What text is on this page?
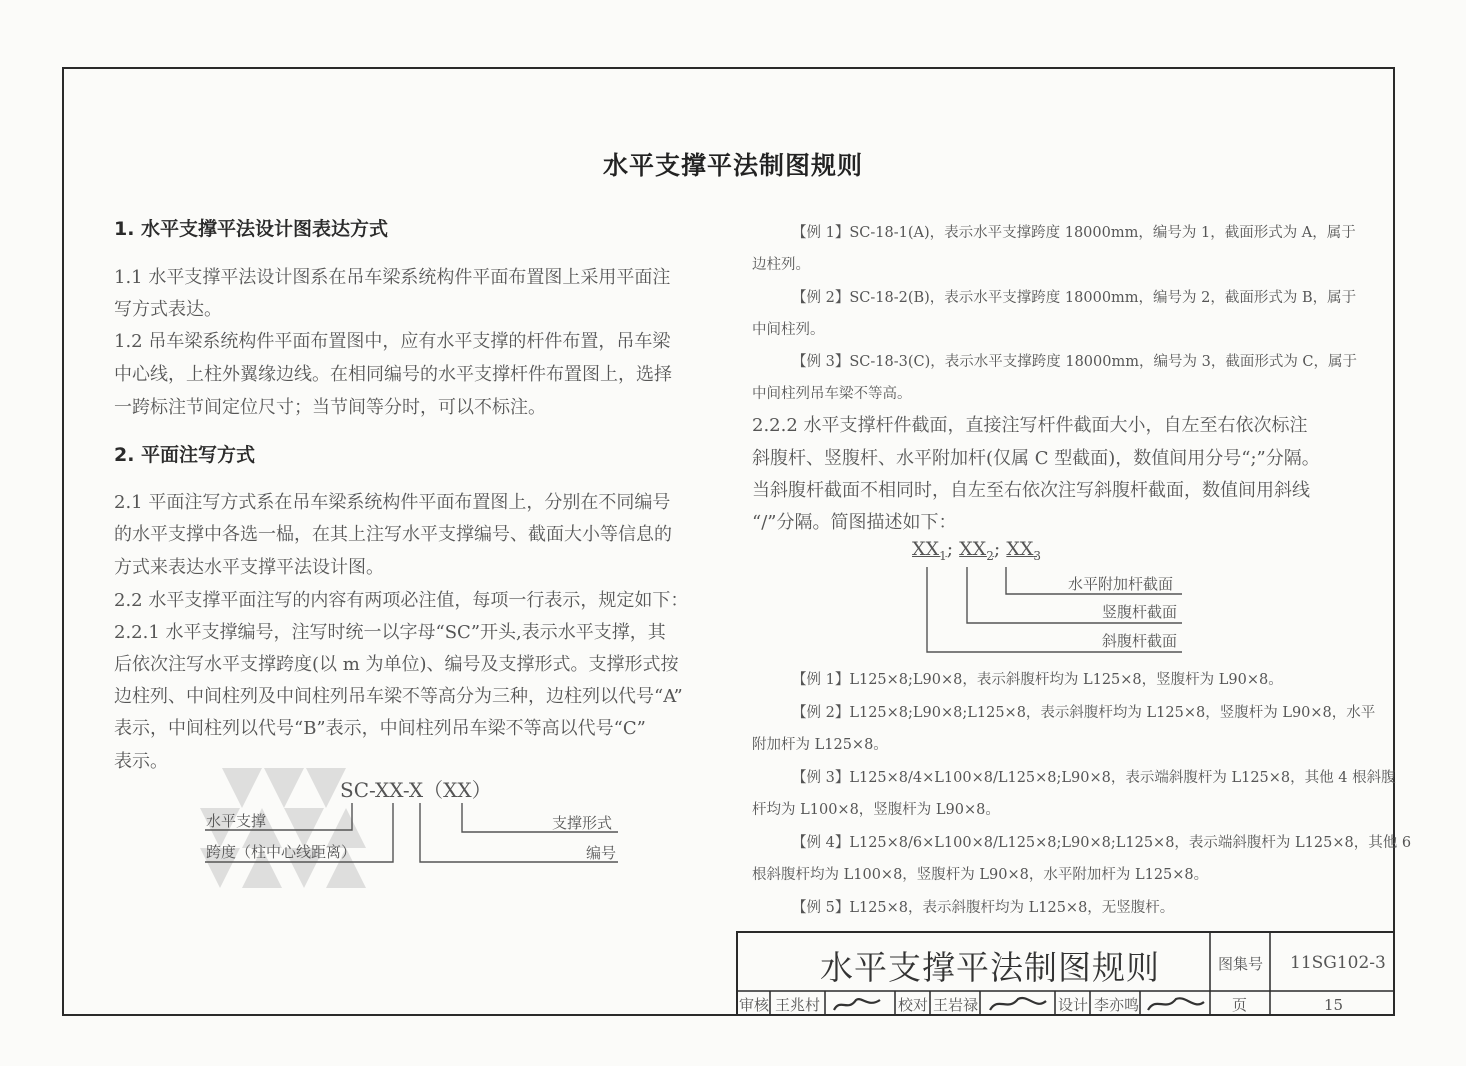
水平支撑平法制图规则
1. 水平支撑平法设计图表达方式
1.1 水平支撑平法设计图系在吊车梁系统构件平面布置图上采用平面注
写方式表达。
1.2 吊车梁系统构件平面布置图中，应有水平支撑的杆件布置，吊车梁
中心线，上柱外翼缘边线。在相同编号的水平支撑杆件布置图上，选择
一跨标注节间定位尺寸；当节间等分时，可以不标注。
2. 平面注写方式
2.1 平面注写方式系在吊车梁系统构件平面布置图上，分别在不同编号
的水平支撑中各选一榀，在其上注写水平支撑编号、截面大小等信息的
方式来表达水平支撑平法设计图。
2.2 水平支撑平面注写的内容有两项必注值，每项一行表示，规定如下：
2.2.1 水平支撑编号，注写时统一以字母“SC”开头,表示水平支撑，其
后依次注写水平支撑跨度(以 m 为单位)、编号及支撑形式。支撑形式按
边柱列、中间柱列及中间柱列吊车梁不等高分为三种，边柱列以代号“A”
表示，中间柱列以代号“B”表示，中间柱列吊车梁不等高以代号“C”
表示。
SC-XX-X（XX）
水平支撑
跨度（柱中心线距离）
支撑形式
编号
【例 1】SC-18-1(A)，表示水平支撑跨度 18000mm，编号为 1，截面形式为 A，属于
边柱列。
【例 2】SC-18-2(B)，表示水平支撑跨度 18000mm，编号为 2，截面形式为 B，属于
中间柱列。
【例 3】SC-18-3(C)，表示水平支撑跨度 18000mm，编号为 3，截面形式为 C，属于
中间柱列吊车梁不等高。
2.2.2 水平支撑杆件截面，直接注写杆件截面大小，自左至右依次标注
斜腹杆、竖腹杆、水平附加杆(仅属 C 型截面)，数值间用分号“;”分隔。
当斜腹杆截面不相同时，自左至右依次注写斜腹杆截面，数值间用斜线
“/”分隔。简图描述如下：
$XX_1$; $XX_2$; $XX_3$
水平附加杆截面
竖腹杆截面
斜腹杆截面
【例 1】L125×8;L90×8，表示斜腹杆均为 L125×8，竖腹杆为 L90×8。
【例 2】L125×8;L90×8;L125×8，表示斜腹杆均为 L125×8，竖腹杆为 L90×8，水平
附加杆为 L125×8。
【例 3】L125×8/4×L100×8/L125×8;L90×8，表示端斜腹杆为 L125×8，其他 4 根斜腹
杆均为 L100×8，竖腹杆为 L90×8。
【例 4】L125×8/6×L100×8/L125×8;L90×8;L125×8，表示端斜腹杆为 L125×8，其他 6
根斜腹杆均为 L100×8，竖腹杆为 L90×8，水平附加杆为 L125×8。
【例 5】L125×8，表示斜腹杆均为 L125×8，无竖腹杆。
水平支撑平法制图规则	图集号 11SG102-3
审核 王兆村	校对 王岩禄	设计 李亦鸣	页	15
